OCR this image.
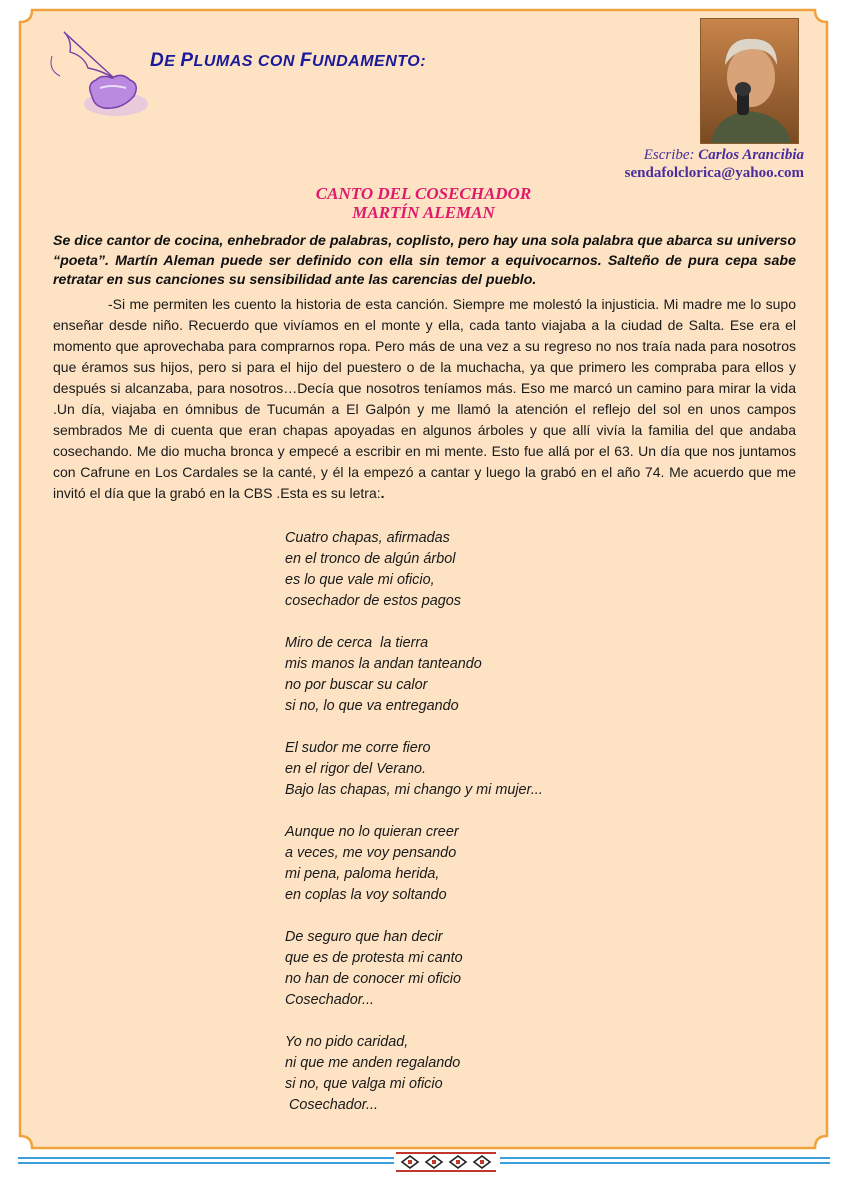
DE PLUMAS CON FUNDAMENTO:
Escribe: Carlos Arancibia
sendafolclorica@yahoo.com
CANTO DEL COSECHADOR
MARTÍN ALEMAN
Se dice cantor de cocina, enhebrador de palabras, coplisto, pero hay una sola palabra que abarca su universo “poeta”. Martín Aleman puede ser definido con ella sin temor a equivocarnos. Salteño de pura cepa sabe retratar en sus canciones su sensibilidad ante las carencias del pueblo.
-Si me permiten les cuento la historia de esta canción. Siempre me molestó la injusticia. Mi madre me lo supo enseñar desde niño. Recuerdo que vivíamos en el monte y ella, cada tanto viajaba a la ciudad de Salta. Ese era el momento que aprovechaba para comprarnos ropa. Pero más de una vez a su regreso no nos traía nada para nosotros que éramos sus hijos, pero si para el hijo del puestero o de la muchacha, ya que primero les compraba para ellos y después si alcanzaba, para nosotros…Decía que nosotros teníamos más. Eso me marcó un camino para mirar la vida .Un día, viajaba en ómnibus de Tucumán a El Galpón y me llamó la atención el reflejo del sol en unos campos sembrados Me di cuenta que eran chapas apoyadas en algunos árboles y que allí vivía la familia del que andaba cosechando. Me dio mucha bronca y empecé a escribir en mi mente. Esto fue allá por el 63. Un día que nos juntamos con Cafrune en Los Cardales se la canté, y él la empezó a cantar y luego la grabó en el año 74. Me acuerdo que me invitó el día que la grabó en la CBS .Esta es su letra:.
Cuatro chapas, afirmadas
en el tronco de algún árbol
es lo que vale mi oficio,
cosechador de estos pagos
Miro de cerca  la tierra
mis manos la andan tanteando
no por buscar su calor
si no, lo que va entregando
El sudor me corre fiero
en el rigor del Verano.
Bajo las chapas, mi chango y mi mujer...
Aunque no lo quieran creer
a veces, me voy pensando
mi pena, paloma herida,
en coplas la voy soltando
De seguro que han decir
que es de protesta mi canto
no han de conocer mi oficio
Cosechador...
Yo no pido caridad,
ni que me anden regalando
si no, que valga mi oficio
Cosechador...
